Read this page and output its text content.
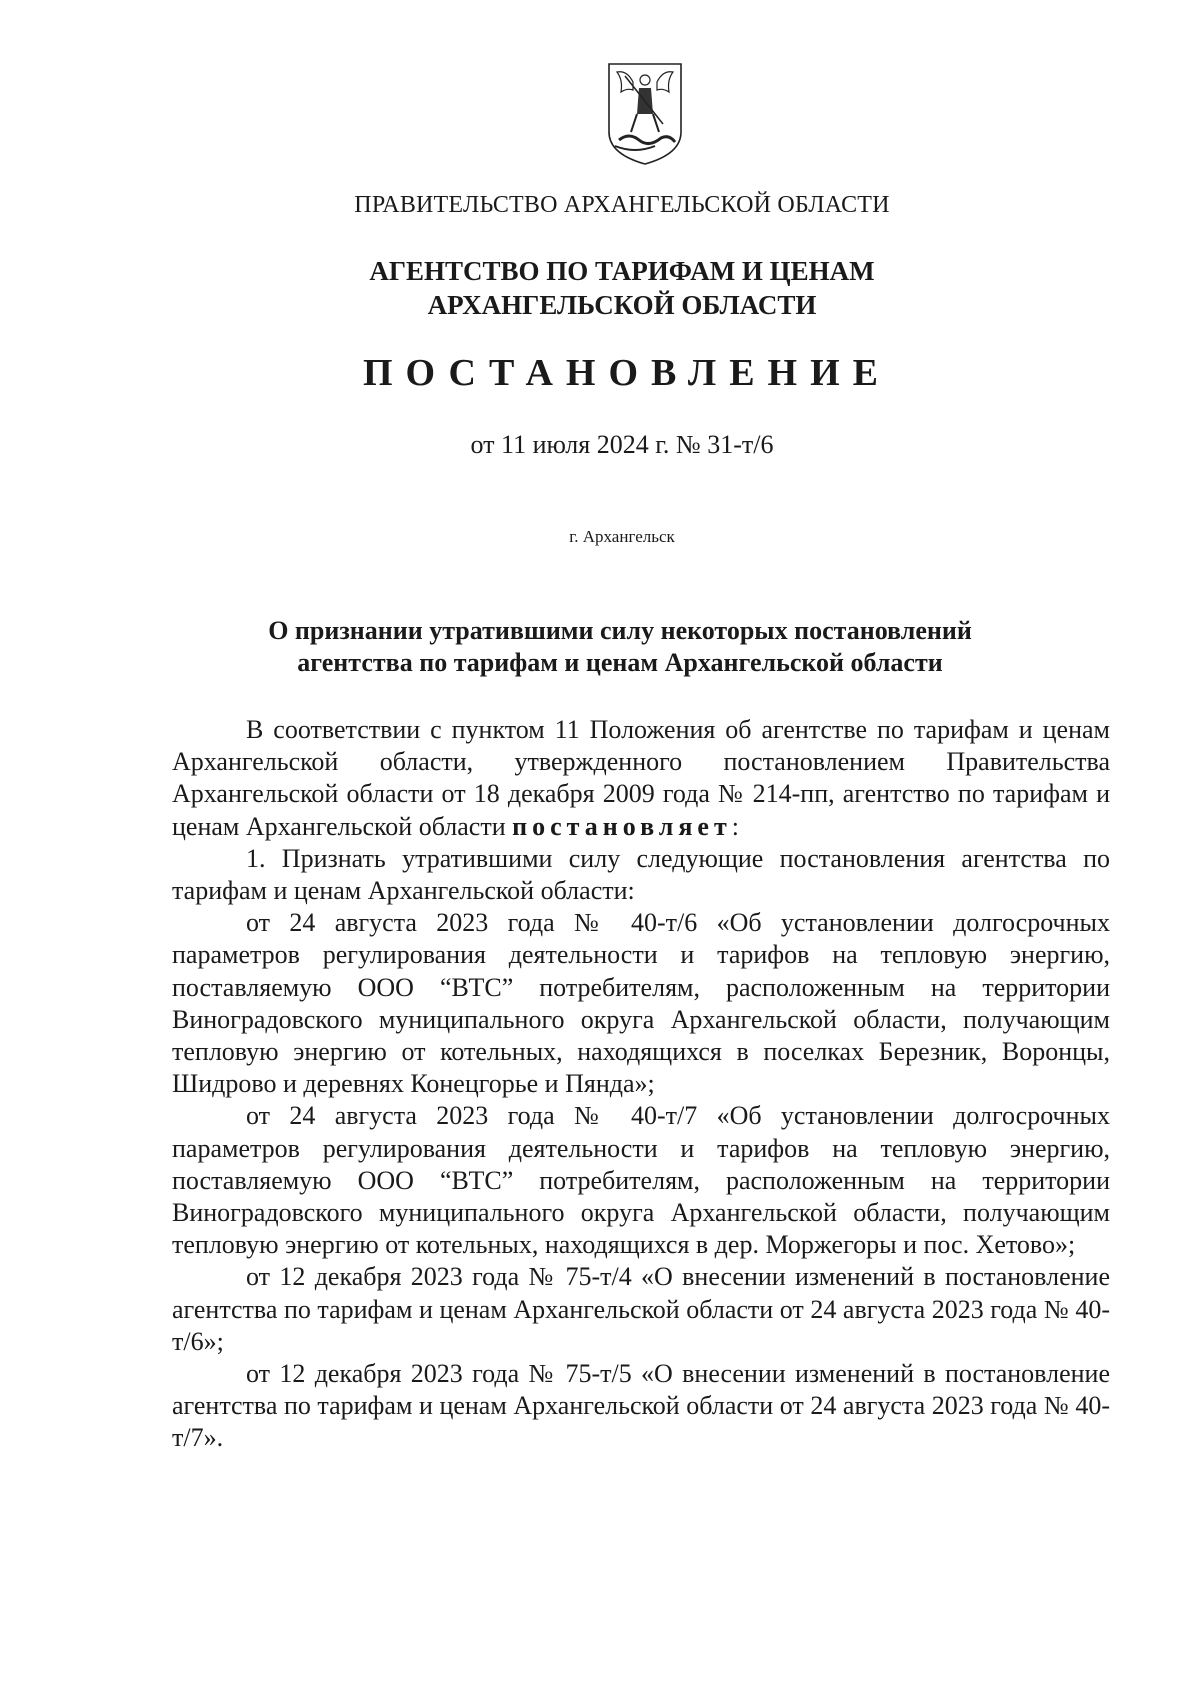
ПРАВИТЕЛЬСТВО АРХАНГЕЛЬСКОЙ ОБЛАСТИ
АГЕНТСТВО ПО ТАРИФАМ И ЦЕНАМ
АРХАНГЕЛЬСКОЙ ОБЛАСТИ
ПОСТАНОВЛЕНИЕ
от 11 июля 2024 г. № 31-т/6
г. Архангельск
О признании утратившими силу некоторых постановлений
агентства по тарифам и ценам Архангельской области

В соответствии с пунктом 11 Положения об агентстве по тарифам и ценам Архангельской области, утвержденного постановлением Правительства Архангельской области от 18 декабря 2009 года № 214-пп, агентство по тарифам и ценам Архангельской области постановляет:

1. Признать утратившими силу следующие постановления агентства по тарифам и ценам Архангельской области:

от 24 августа 2023 года № 40-т/6 «Об установлении долгосрочных параметров регулирования деятельности и тарифов на тепловую энергию, поставляемую ООО “ВТС” потребителям, расположенным на территории Виноградовского муниципального округа Архангельской области, получающим тепловую энергию от котельных, находящихся в поселках Березник, Воронцы, Шидрово и деревнях Конецгорье и Пянда»;

от 24 августа 2023 года № 40-т/7 «Об установлении долгосрочных параметров регулирования деятельности и тарифов на тепловую энергию, поставляемую ООО “ВТС” потребителям, расположенным на территории Виноградовского муниципального округа Архангельской области, получающим тепловую энергию от котельных, находящихся в дер. Моржегоры и пос. Хетово»;

от 12 декабря 2023 года № 75-т/4 «О внесении изменений в постановление агентства по тарифам и ценам Архангельской области от 24 августа 2023 года № 40-т/6»;

от 12 декабря 2023 года № 75-т/5 «О внесении изменений в постановление агентства по тарифам и ценам Архангельской области от 24 августа 2023 года № 40-т/7».
